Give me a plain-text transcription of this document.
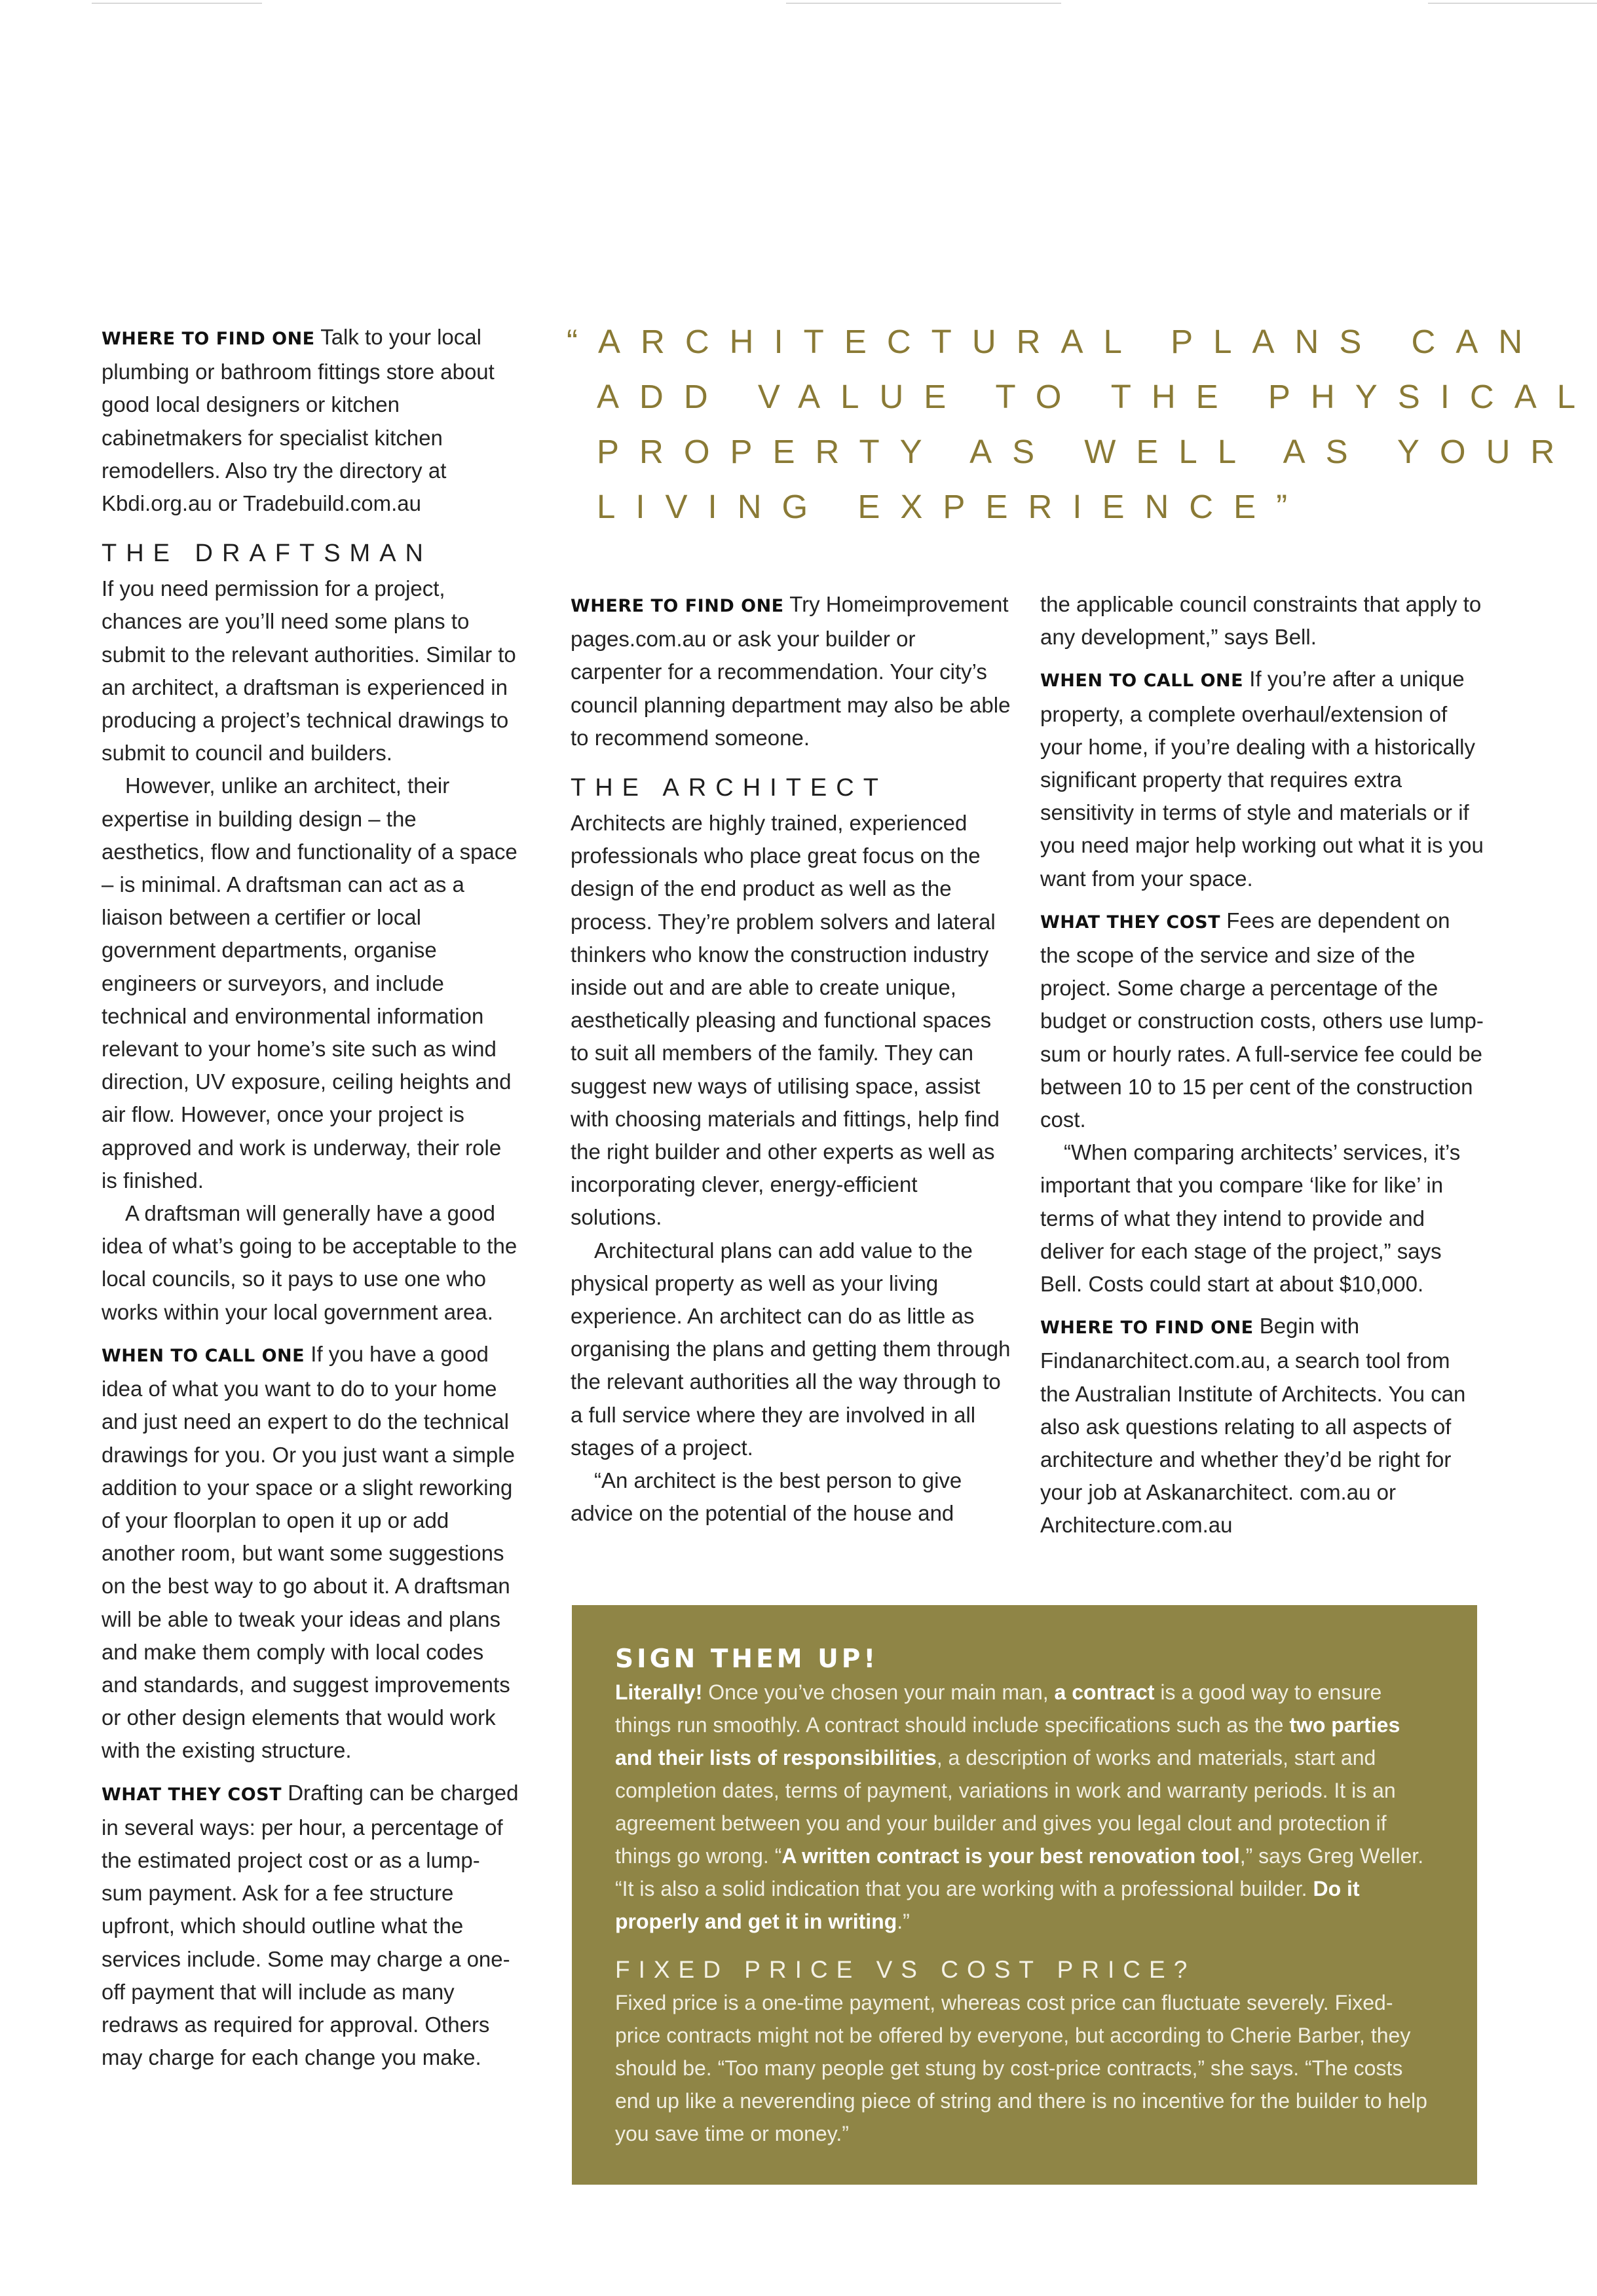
“ARCHITECTURAL PLANS CAN
ADD VALUE TO THE PHYSICAL
PROPERTY AS WELL AS YOUR
LIVING EXPERIENCE”

WHERE TO FIND ONE Talk to your local plumbing or bathroom fittings store about good local designers or kitchen cabinetmakers for specialist kitchen remodellers. Also try the directory at Kbdi.org.au or Tradebuild.com.au

THE DRAFTSMAN

If you need permission for a project, chances are you’ll need some plans to submit to the relevant authorities. Similar to an architect, a draftsman is experienced in producing a project’s technical drawings to submit to council and builders.

However, unlike an architect, their expertise in building design – the aesthetics, flow and functionality of a space – is minimal. A draftsman can act as a liaison between a certifier or local government departments, organise engineers or surveyors, and include technical and environmental information relevant to your home’s site such as wind direction, UV exposure, ceiling heights and air flow. However, once your project is approved and work is underway, their role is finished.

A draftsman will generally have a good idea of what’s going to be acceptable to the local councils, so it pays to use one who works within your local government area.

WHEN TO CALL ONE If you have a good idea of what you want to do to your home and just need an expert to do the technical drawings for you. Or you just want a simple addition to your space or a slight reworking of your floorplan to open it up or add another room, but want some suggestions on the best way to go about it. A draftsman will be able to tweak your ideas and plans and make them comply with local codes and standards, and suggest improvements or other design elements that would work with the existing structure.

WHAT THEY COST Drafting can be charged in several ways: per hour, a percentage of the estimated project cost or as a lump-sum payment. Ask for a fee structure upfront, which should outline what the services include. Some may charge a one-off payment that will include as many redraws as required for approval. Others may charge for each change you make.

WHERE TO FIND ONE Try Homeimprovement pages.com.au or ask your builder or carpenter for a recommendation. Your city’s council planning department may also be able to recommend someone.

THE ARCHITECT

Architects are highly trained, experienced professionals who place great focus on the design of the end product as well as the process. They’re problem solvers and lateral thinkers who know the construction industry inside out and are able to create unique, aesthetically pleasing and functional spaces to suit all members of the family. They can suggest new ways of utilising space, assist with choosing materials and fittings, help find the right builder and other experts as well as incorporating clever, energy-efficient solutions.

Architectural plans can add value to the physical property as well as your living experience. An architect can do as little as organising the plans and getting them through the relevant authorities all the way through to a full service where they are involved in all stages of a project.

“An architect is the best person to give advice on the potential of the house and

the applicable council constraints that apply to any development,” says Bell.

WHEN TO CALL ONE If you’re after a unique property, a complete overhaul/extension of your home, if you’re dealing with a historically significant property that requires extra sensitivity in terms of style and materials or if you need major help working out what it is you want from your space.

WHAT THEY COST Fees are dependent on the scope of the service and size of the project. Some charge a percentage of the budget or construction costs, others use lump-sum or hourly rates. A full-service fee could be between 10 to 15 per cent of the construction cost.

“When comparing architects’ services, it’s important that you compare ‘like for like’ in terms of what they intend to provide and deliver for each stage of the project,” says Bell. Costs could start at about $10,000.

WHERE TO FIND ONE Begin with Findanarchitect.com.au, a search tool from the Australian Institute of Architects. You can also ask questions relating to all aspects of architecture and whether they’d be right for your job at Askanarchitect. com.au or Architecture.com.au

SIGN THEM UP!

Literally! Once you’ve chosen your main man, a contract is a good way to ensure things run smoothly. A contract should include specifications such as the two parties and their lists of responsibilities, a description of works and materials, start and completion dates, terms of payment, variations in work and warranty periods. It is an agreement between you and your builder and gives you legal clout and protection if things go wrong. “A written contract is your best renovation tool,” says Greg Weller. “It is also a solid indication that you are working with a professional builder. Do it properly and get it in writing.”

FIXED PRICE VS COST PRICE?

Fixed price is a one-time payment, whereas cost price can fluctuate severely. Fixed-price contracts might not be offered by everyone, but according to Cherie Barber, they should be. “Too many people get stung by cost-price contracts,” she says. “The costs end up like a neverending piece of string and there is no incentive for the builder to help you save time or money.”
